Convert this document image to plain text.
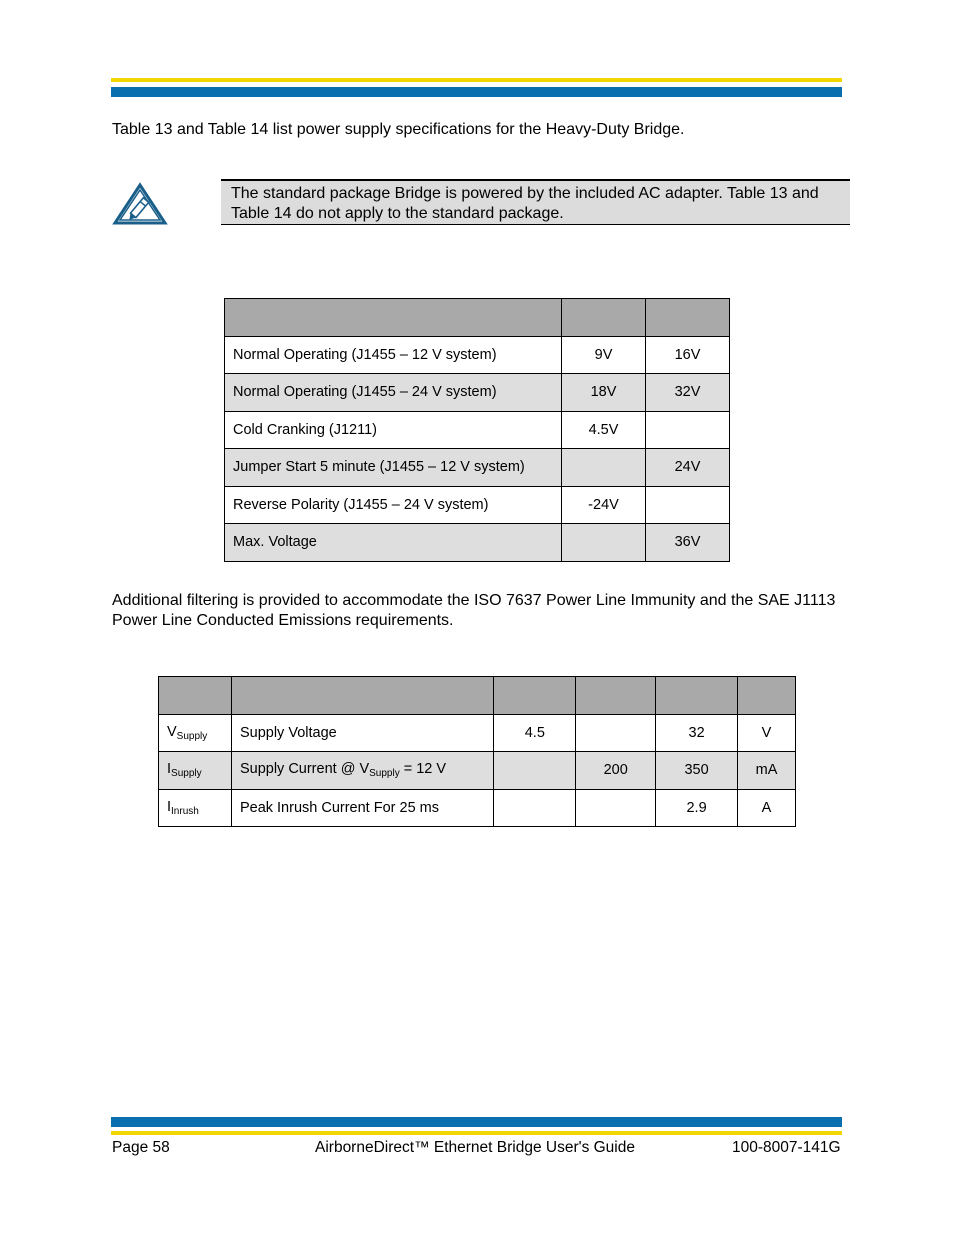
Table 13 and Table 14 list power supply specifications for the Heavy-Duty Bridge.

The standard package Bridge is powered by the included AC adapter. Table 13 and Table 14 do not apply to the standard package.

Normal Operating (J1455 – 12 V system)	9V	16V
Normal Operating (J1455 – 24 V system)	18V	32V
Cold Cranking (J1211)	4.5V	
Jumper Start 5 minute (J1455 – 12 V system)		24V
Reverse Polarity (J1455 – 24 V system)	-24V	
Max. Voltage		36V

Additional filtering is provided to accommodate the ISO 7637 Power Line Immunity and the SAE J1113 Power Line Conducted Emissions requirements.

$V_{Supply}$	Supply Voltage	4.5		32	V
$I_{Supply}$	Supply Current @ $V_{Supply} = 12$ V		200	350	mA
$I_{Inrush}$	Peak Inrush Current For 25 ms			2.9	A
Page 58	AirborneDirect™ Ethernet Bridge User's Guide	100-8007-141G
